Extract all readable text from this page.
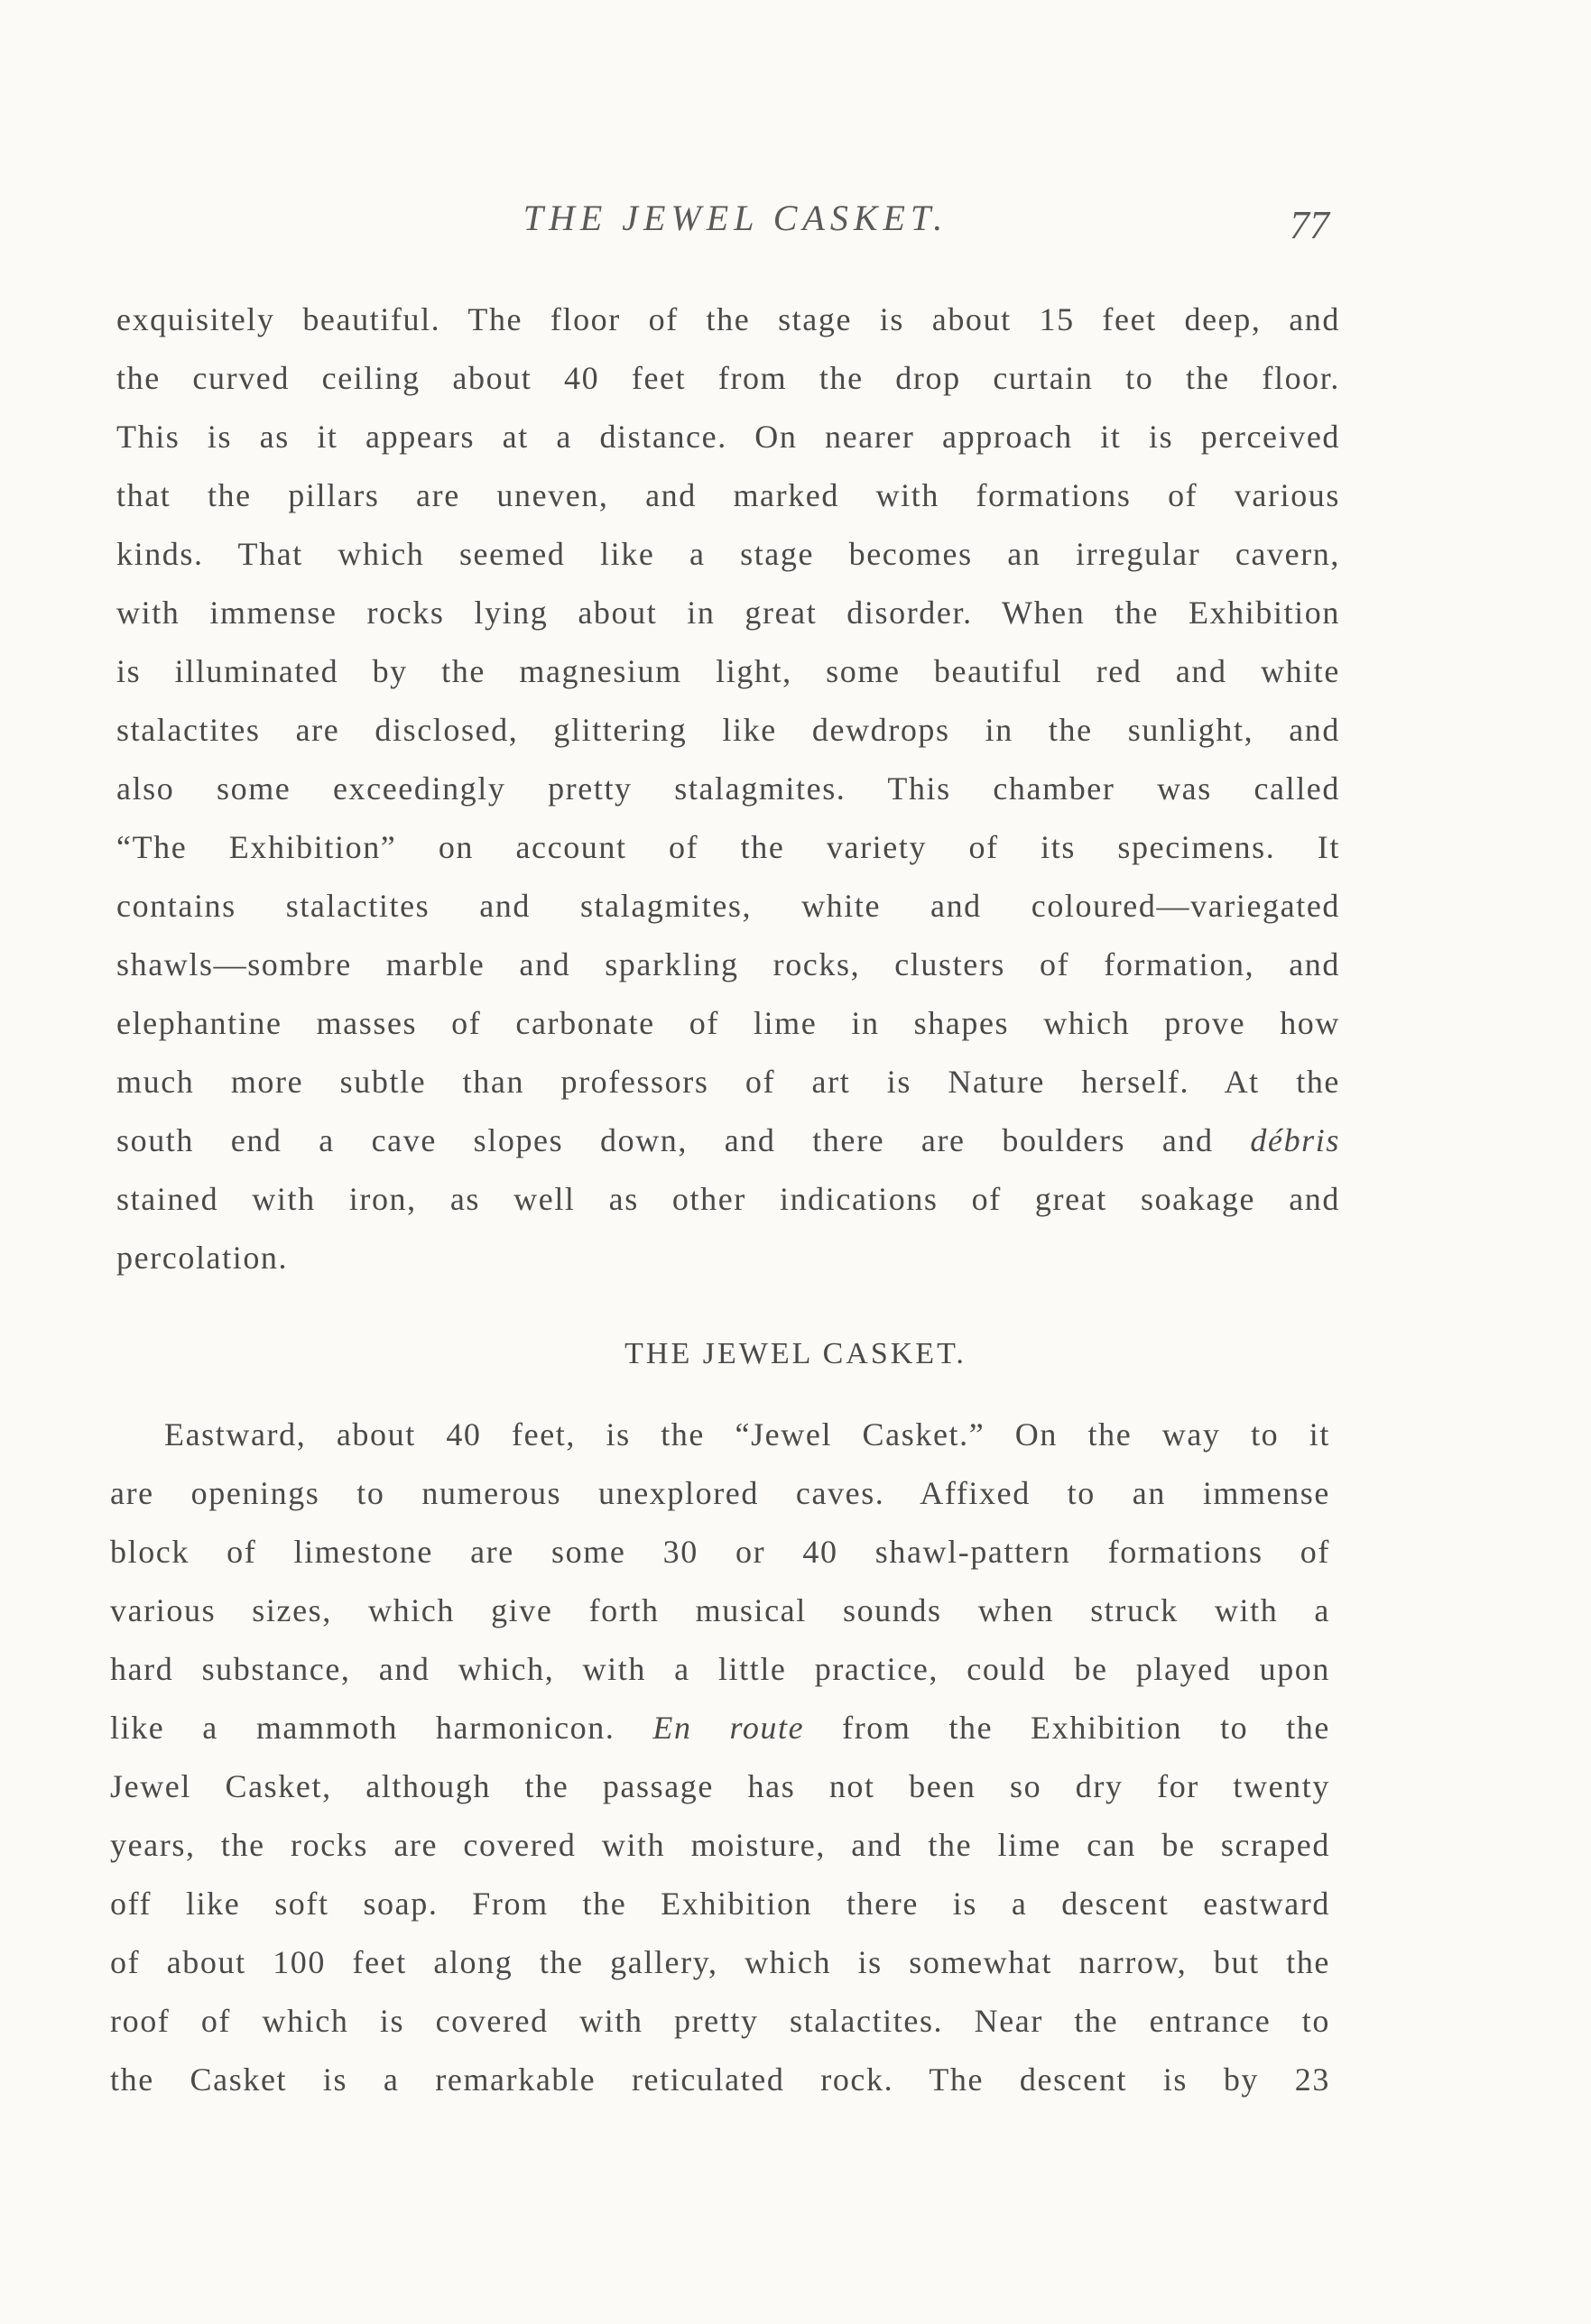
THE JEWEL CASKET.	77
exquisitely beautiful. The floor of the stage is about 15 feet deep, and
the curved ceiling about 40 feet from the drop curtain to the floor.
This is as it appears at a distance. On nearer approach it is perceived
that the pillars are uneven, and marked with formations of various
kinds. That which seemed like a stage becomes an irregular cavern,
with immense rocks lying about in great disorder. When the Exhibition
is illuminated by the magnesium light, some beautiful red and white
stalactites are disclosed, glittering like dewdrops in the sunlight, and
also some exceedingly pretty stalagmites. This chamber was called
“The Exhibition” on account of the variety of its specimens. It
contains stalactites and stalagmites, white and coloured—variegated
shawls—sombre marble and sparkling rocks, clusters of formation, and
elephantine masses of carbonate of lime in shapes which prove how
much more subtle than professors of art is Nature herself. At the
south end a cave slopes down, and there are boulders and débris
stained with iron, as well as other indications of great soakage and
percolation.
THE JEWEL CASKET.
Eastward, about 40 feet, is the “Jewel Casket.” On the way to it
are openings to numerous unexplored caves. Affixed to an immense
block of limestone are some 30 or 40 shawl-pattern formations of
various sizes, which give forth musical sounds when struck with a
hard substance, and which, with a little practice, could be played upon
like a mammoth harmonicon. En route from the Exhibition to the
Jewel Casket, although the passage has not been so dry for twenty
years, the rocks are covered with moisture, and the lime can be scraped
off like soft soap. From the Exhibition there is a descent eastward
of about 100 feet along the gallery, which is somewhat narrow, but the
roof of which is covered with pretty stalactites. Near the entrance to
the Casket is a remarkable reticulated rock. The descent is by 23
